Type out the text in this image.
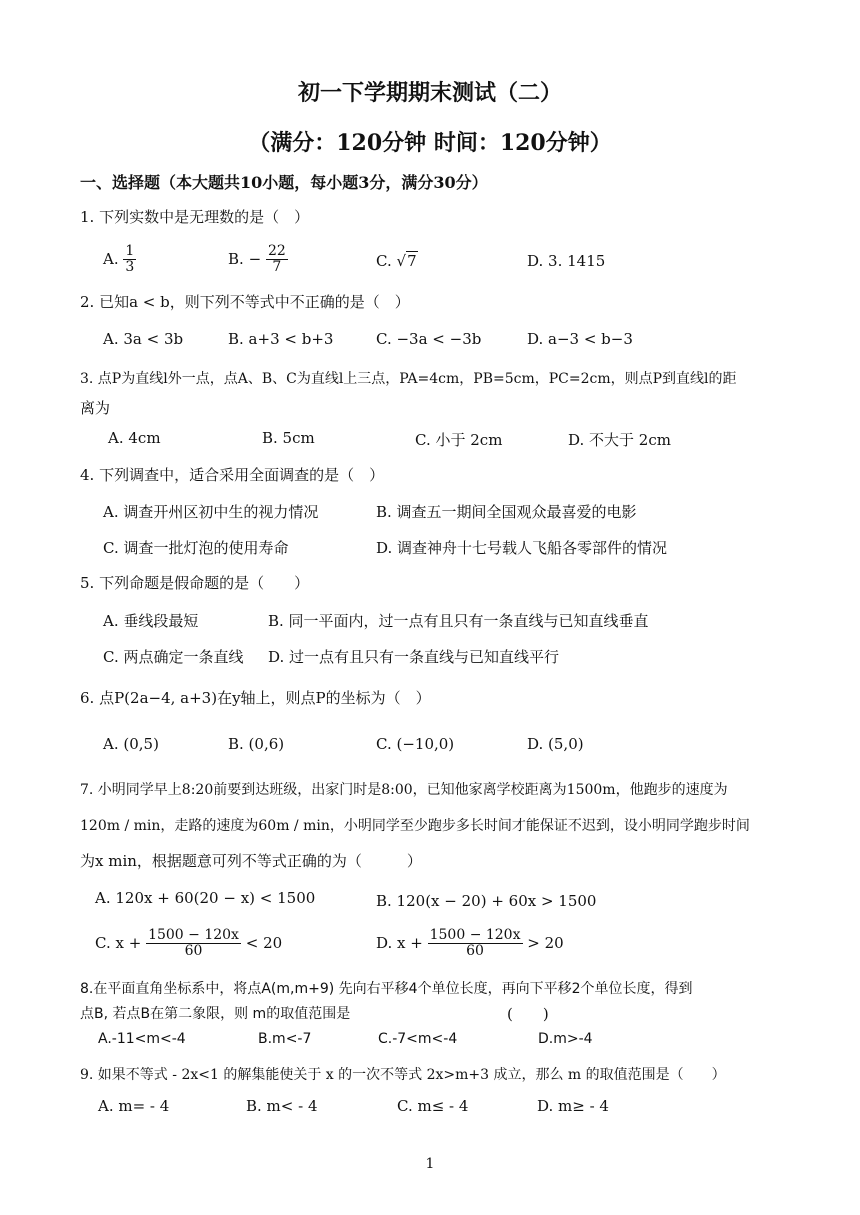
初一下学期期末测试（二）
（满分：120分钟 时间：120分钟）
一、选择题（本大题共10小题，每小题3分，满分30分）
1. 下列实数中是无理数的是（　）
A. $\frac{1}{3}$	B. − $\frac{22}{7}$	C. √7	D. 3. 1415
2. 已知a < b，则下列不等式中不正确的是（　）
A. 3a < 3b	B. a+3 < b+3	C. −3a < −3b	D. a−3 < b−3
3. 点P为直线l外一点，点A、B、C为直线l上三点，PA=4cm，PB=5cm，PC=2cm，则点P到直线l的距
离为
A. 4cm	B. 5cm	C. 小于 2cm	D. 不大于 2cm
4. 下列调查中，适合采用全面调查的是（　）
A. 调查开州区初中生的视力情况	B. 调查五一期间全国观众最喜爱的电影
C. 调查一批灯泡的使用寿命	D. 调查神舟十七号载人飞船各零部件的情况
5. 下列命题是假命题的是（　　）
A. 垂线段最短	B. 同一平面内，过一点有且只有一条直线与已知直线垂直
C. 两点确定一条直线 D. 过一点有且只有一条直线与已知直线平行
6. 点P(2a−4, a+3)在y轴上，则点P的坐标为（　）
A. (0,5)	B. (0,6)	C. (−10,0)	D. (5,0)
7. 小明同学早上8:20前要到达班级，出家门时是8:00，已知他家离学校距离为1500m，他跑步的速度为
120m / min，走路的速度为60m / min，小明同学至少跑步多长时间才能保证不迟到，设小明同学跑步时间
为x min，根据题意可列不等式正确的为（　　　）
A. 120x + 60(20 − x) < 1500	B. 120(x − 20) + 60x > 1500
C. $x + \frac{1500 - 120x}{60} < 20$	D. $x + \frac{1500 - 120x}{60} > 20$
8.在平面直角坐标系中，将点A(m,m+9) 先向右平移4个单位长度，再向下平移2个单位长度，得到
点B, 若点B在第二象限，则 m的取值范围是	(　　)
A.-11<m<-4	B.m<-7	C.-7<m<-4	D.m>-4
9. 如果不等式 - 2x<1 的解集能使关于 x 的一次不等式 2x>m+3 成立，那么 m 的取值范围是（　　）
A. m= - 4	B. m< - 4	C. m≤ - 4	D. m≥ - 4
1
